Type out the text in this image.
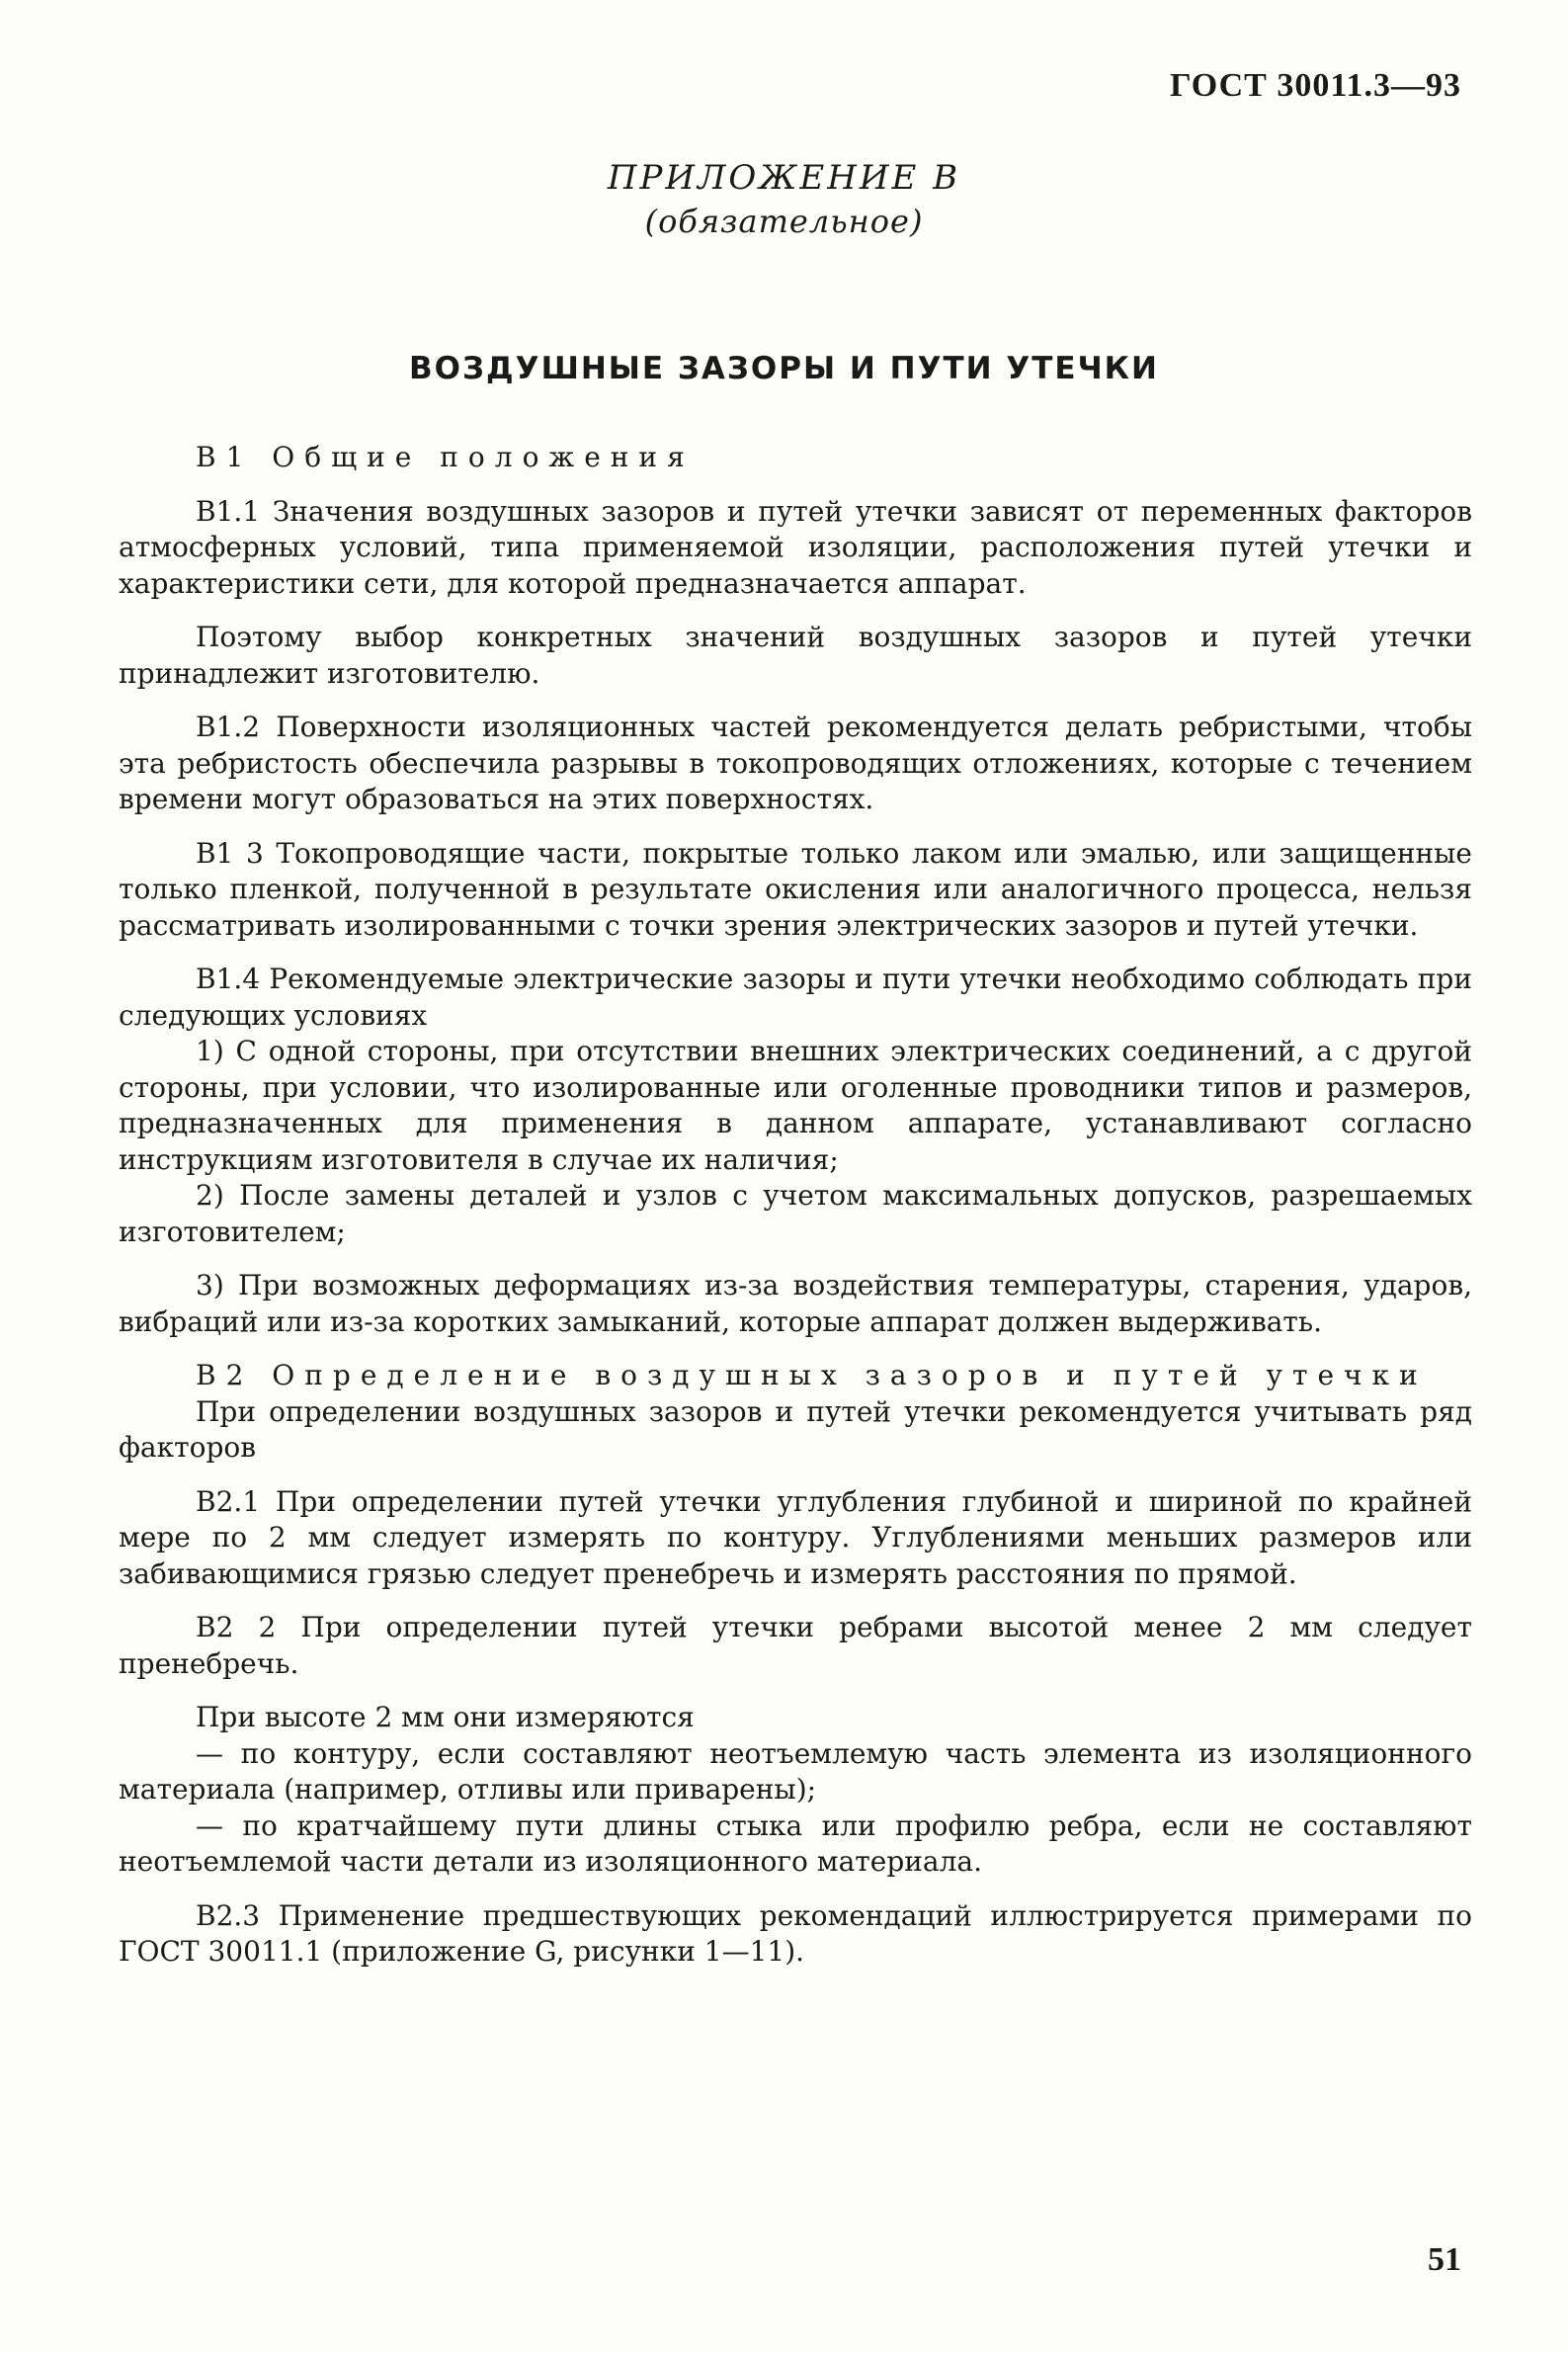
ГОСТ 30011.3—93
ПРИЛОЖЕНИЕ В
(обязательное)
ВОЗДУШНЫЕ ЗАЗОРЫ И ПУТИ УТЕЧКИ

В1 Общие положения

В1.1 Значения воздушных зазоров и путей утечки зависят от переменных факторов атмосферных условий, типа применяемой изоляции, расположения путей утечки и характеристики сети, для которой предназначается аппарат.

Поэтому выбор конкретных значений воздушных зазоров и путей утечки принадлежит изготовителю.

В1.2 Поверхности изоляционных частей рекомендуется делать ребристыми, чтобы эта ребристость обеспечила разрывы в токопроводящих отложениях, которые с течением времени могут образоваться на этих поверхностях.

В1 3 Токопроводящие части, покрытые только лаком или эмалью, или защищенные только пленкой, полученной в результате окисления или аналогичного процесса, нельзя рассматривать изолированными с точки зрения электрических зазоров и путей утечки.

В1.4 Рекомендуемые электрические зазоры и пути утечки необходимо соблюдать при следующих условиях

1) С одной стороны, при отсутствии внешних электрических соединений, а с другой стороны, при условии, что изолированные или оголенные проводники типов и размеров, предназначенных для применения в данном аппарате, устанавливают согласно инструкциям изготовителя в случае их наличия;

2) После замены деталей и узлов с учетом максимальных допусков, разрешаемых изготовителем;

3) При возможных деформациях из-за воздействия температуры, старения, ударов, вибраций или из-за коротких замыканий, которые аппарат должен выдерживать.

В2 Определение воздушных зазоров и путей утечки

При определении воздушных зазоров и путей утечки рекомендуется учитывать ряд факторов

В2.1 При определении путей утечки углубления глубиной и шириной по крайней мере по 2 мм следует измерять по контуру. Углублениями меньших размеров или забивающимися грязью следует пренебречь и измерять расстояния по прямой.

В2 2 При определении путей утечки ребрами высотой менее 2 мм следует пренебречь.

При высоте 2 мм они измеряются

— по контуру, если составляют неотъемлемую часть элемента из изоляционного материала (например, отливы или приварены);

— по кратчайшему пути длины стыка или профилю ребра, если не составляют неотъемлемой части детали из изоляционного материала.

В2.3 Применение предшествующих рекомендаций иллюстрируется примерами по ГОСТ 30011.1 (приложение G, рисунки 1—11).

51
